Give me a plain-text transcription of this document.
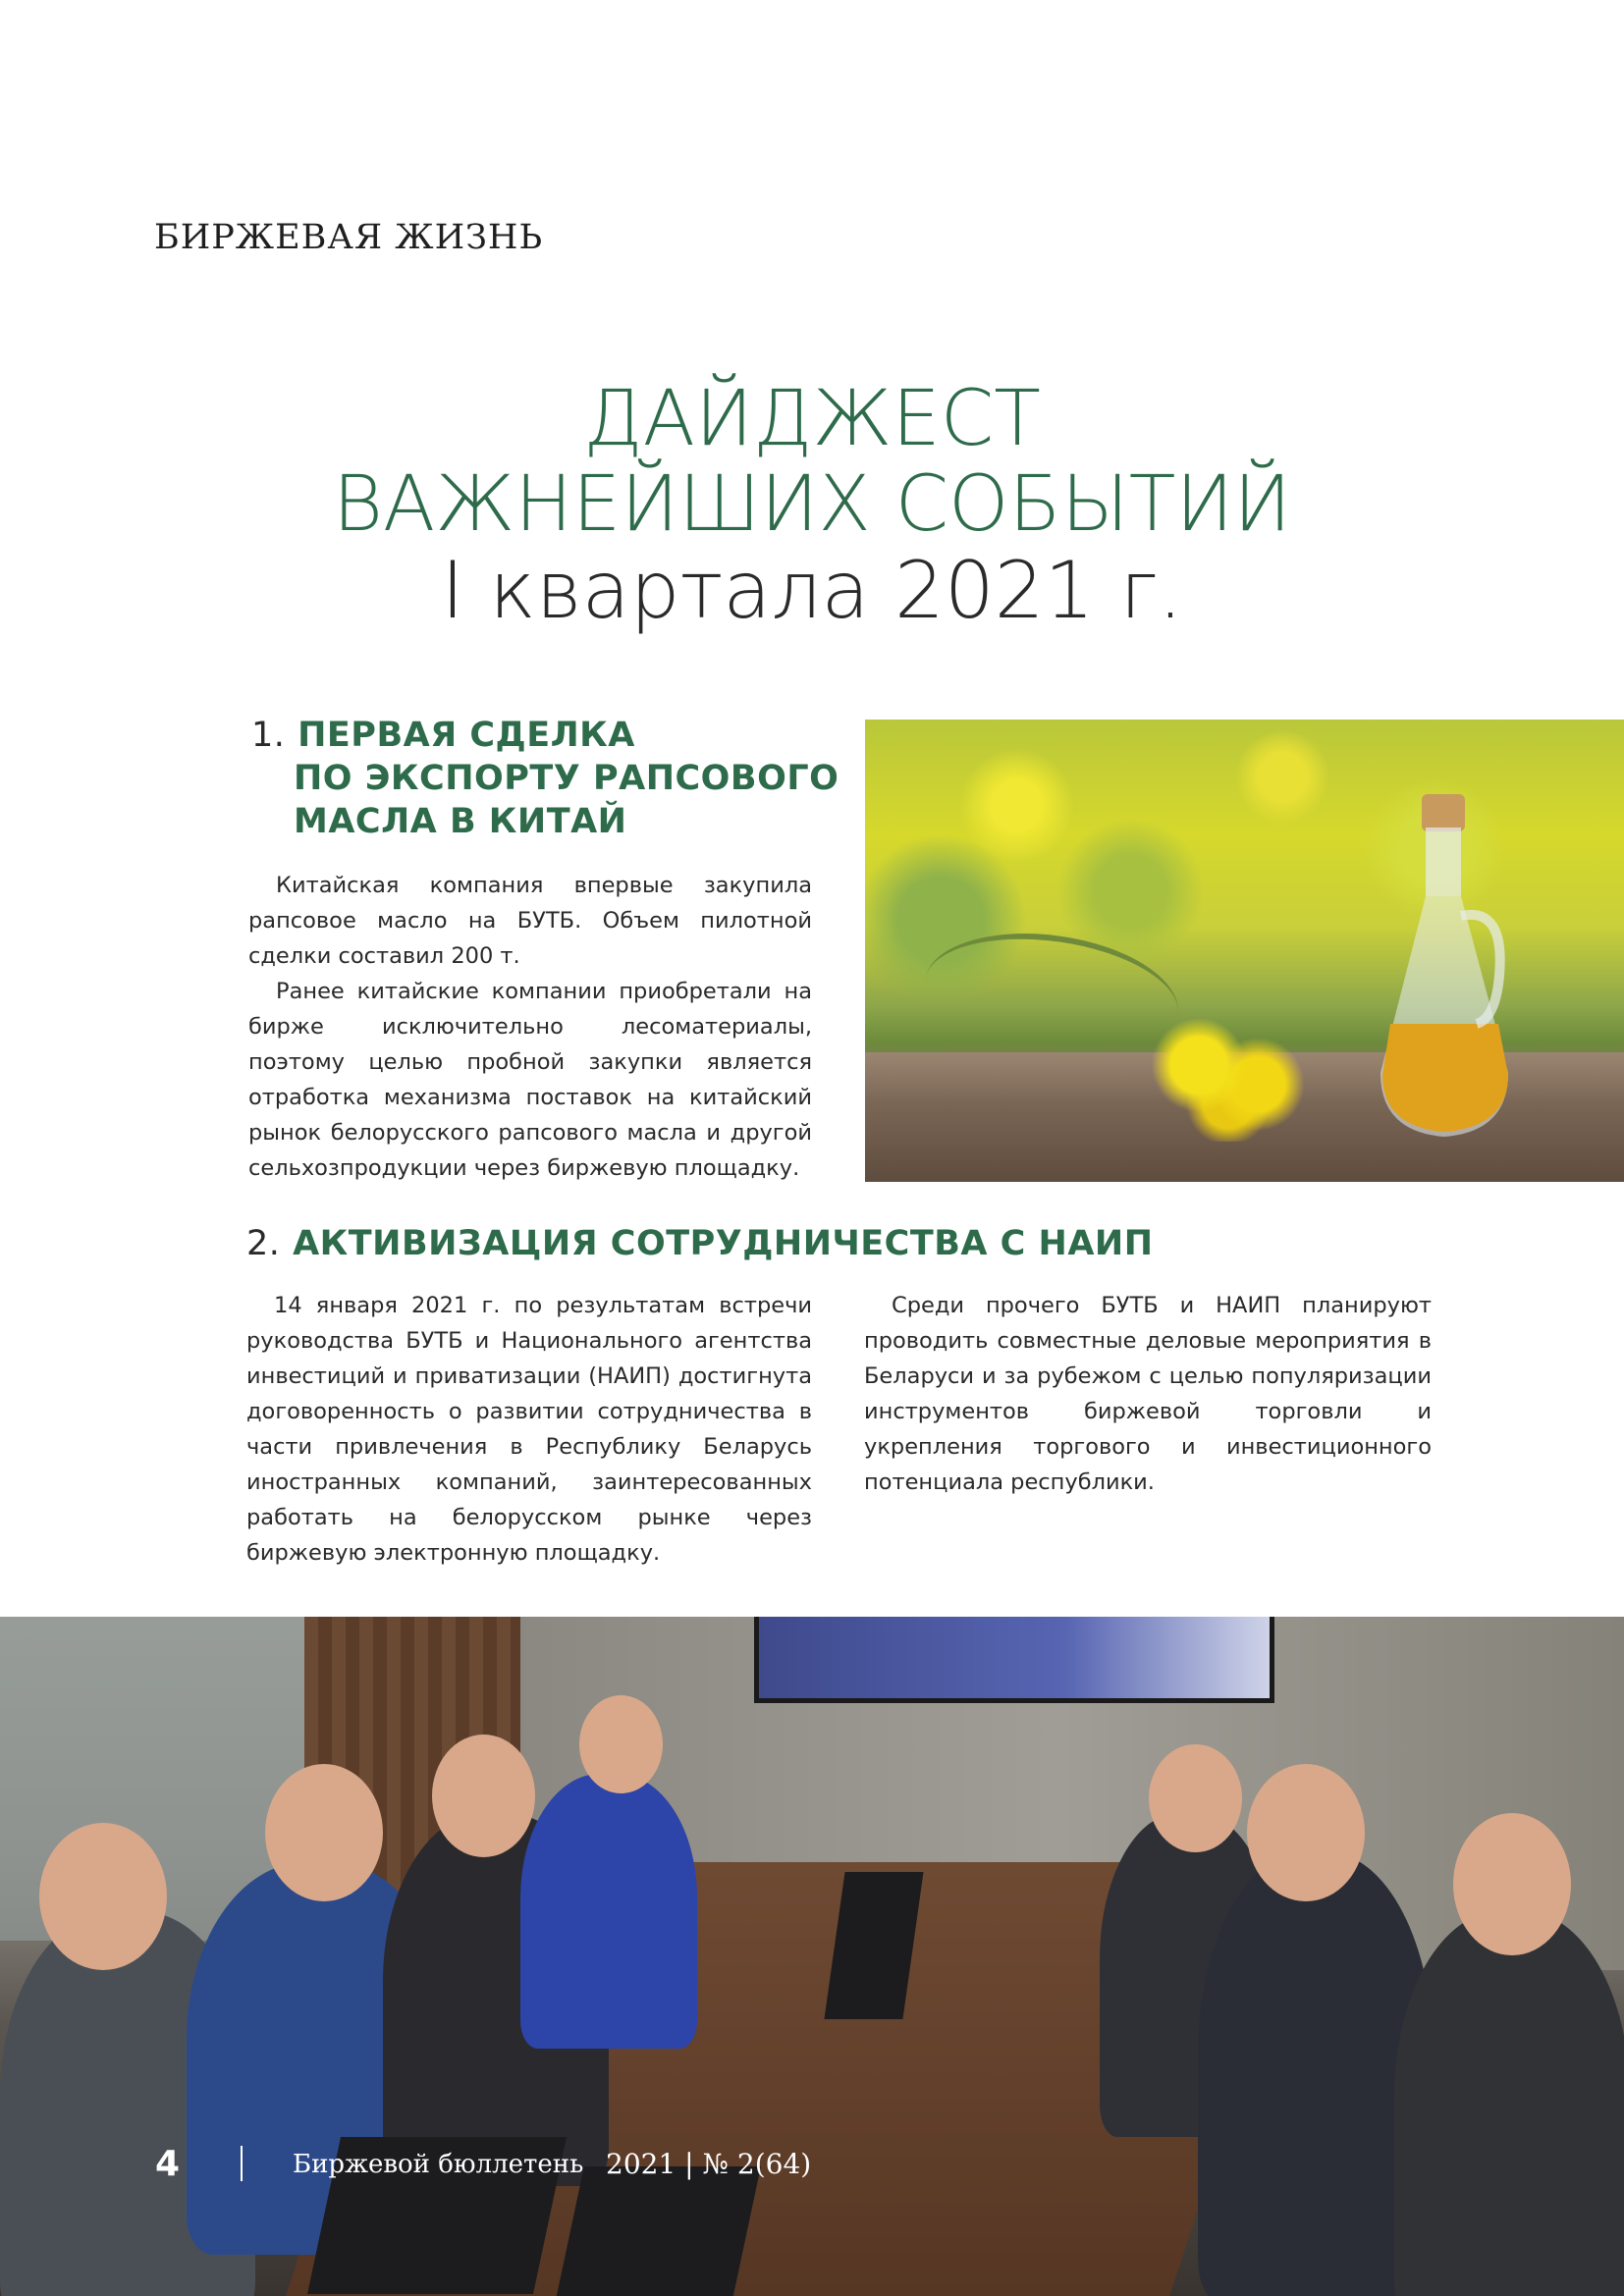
БИРЖЕВАЯ ЖИЗНЬ
ДАЙДЖЕСТ
ВАЖНЕЙШИХ СОБЫТИЙ
I квартала 2021 г.
1. ПЕРВАЯ СДЕЛКА
ПО ЭКСПОРТУ РАПСОВОГО
МАСЛА В КИТАЙ

Китайская компания впервые закупила рапсовое масло на БУТБ. Объем пилотной сделки составил 200 т.

Ранее китайские компании приобретали на бирже исключительно лесоматериалы, поэтому целью пробной закупки является отработка механизма поставок на китайский рынок белорусского рапсового масла и другой сельхозпродукции через биржевую площадку.

2. АКТИВИЗАЦИЯ СОТРУДНИЧЕСТВА С НАИП

14 января 2021 г. по результатам встречи руководства БУТБ и Национального агентства инвестиций и приватизации (НАИП) достигнута договоренность о развитии сотрудничества в части привлечения в Республику Беларусь иностранных компаний, заинтересованных работать на белорусском рынке через биржевую электронную площадку.

Среди прочего БУТБ и НАИП планируют проводить совместные деловые мероприятия в Беларуси и за рубежом с целью популяризации инструментов биржевой торговли и укрепления торгового и инвестиционного потенциала республики.

4	Биржевой бюллетень 2021 | № 2(64)
